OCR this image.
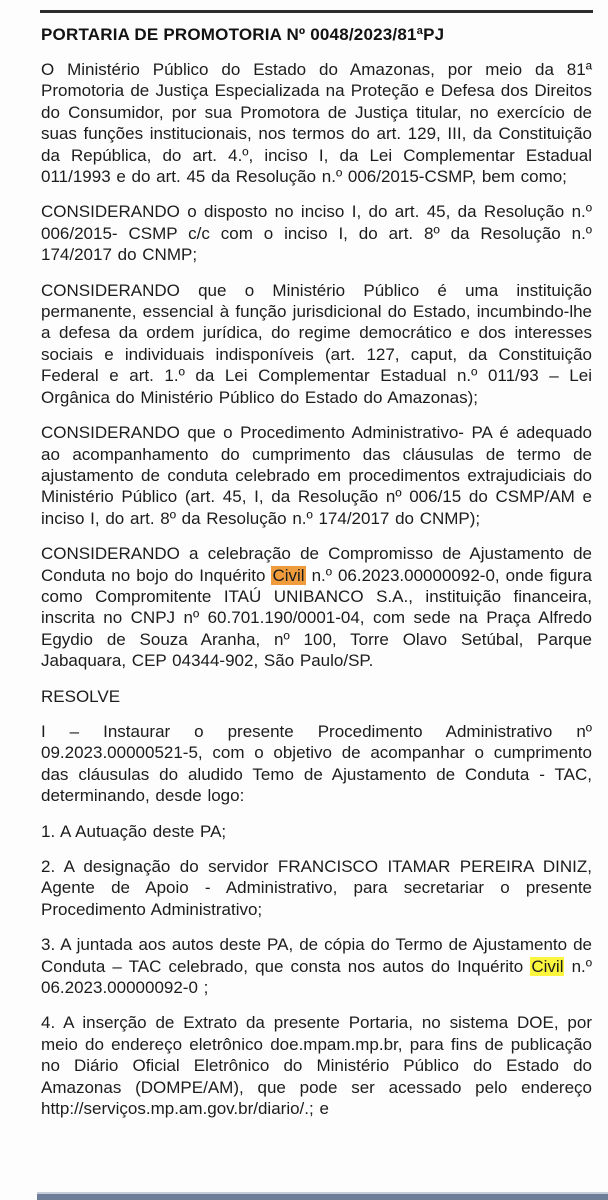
PORTARIA DE PROMOTORIA Nº 0048/2023/81ªPJ

O Ministério Público do Estado do Amazonas, por meio da 81ª Promotoria de Justiça Especializada na Proteção e Defesa dos Direitos do Consumidor, por sua Promotora de Justiça titular, no exercício de suas funções institucionais, nos termos do art. 129, III, da Constituição da República, do art. 4.º, inciso I, da Lei Complementar Estadual 011/1993 e do art. 45 da Resolução n.º 006/2015-CSMP, bem como;

CONSIDERANDO o disposto no inciso I, do art. 45, da Resolução n.º 006/2015- CSMP c/c com o inciso I, do art. 8º da Resolução n.º 174/2017 do CNMP;

CONSIDERANDO que o Ministério Público é uma instituição permanente, essencial à função jurisdicional do Estado, incumbindo-lhe a defesa da ordem jurídica, do regime democrático e dos interesses sociais e individuais indisponíveis (art. 127, caput, da Constituição Federal e art. 1.º da Lei Complementar Estadual n.º 011/93 – Lei Orgânica do Ministério Público do Estado do Amazonas);

CONSIDERANDO que o Procedimento Administrativo- PA é adequado ao acompanhamento do cumprimento das cláusulas de termo de ajustamento de conduta celebrado em procedimentos extrajudiciais do Ministério Público (art. 45, I, da Resolução nº 006/15 do CSMP/AM e inciso I, do art. 8º da Resolução n.º 174/2017 do CNMP);

CONSIDERANDO a celebração de Compromisso de Ajustamento de Conduta no bojo do Inquérito Civil n.º 06.2023.00000092-0, onde figura como Compromitente ITAÚ UNIBANCO S.A., instituição financeira, inscrita no CNPJ nº 60.701.190/0001-04, com sede na Praça Alfredo Egydio de Souza Aranha, nº 100, Torre Olavo Setúbal, Parque Jabaquara, CEP 04344-902, São Paulo/SP.

RESOLVE

I – Instaurar o presente Procedimento Administrativo nº 09.2023.00000521-5, com o objetivo de acompanhar o cumprimento das cláusulas do aludido Temo de Ajustamento de Conduta - TAC, determinando, desde logo:

1. A Autuação deste PA;

2. A designação do servidor FRANCISCO ITAMAR PEREIRA DINIZ, Agente de Apoio - Administrativo, para secretariar o presente Procedimento Administrativo;

3. A juntada aos autos deste PA, de cópia do Termo de Ajustamento de Conduta – TAC celebrado, que consta nos autos do Inquérito Civil n.º 06.2023.00000092-0 ;

4. A inserção de Extrato da presente Portaria, no sistema DOE, por meio do endereço eletrônico doe.mpam.mp.br, para fins de publicação no Diário Oficial Eletrônico do Ministério Público do Estado do Amazonas (DOMPE/AM), que pode ser acessado pelo endereço http://serviços.mp.am.gov.br/diario/.; e
